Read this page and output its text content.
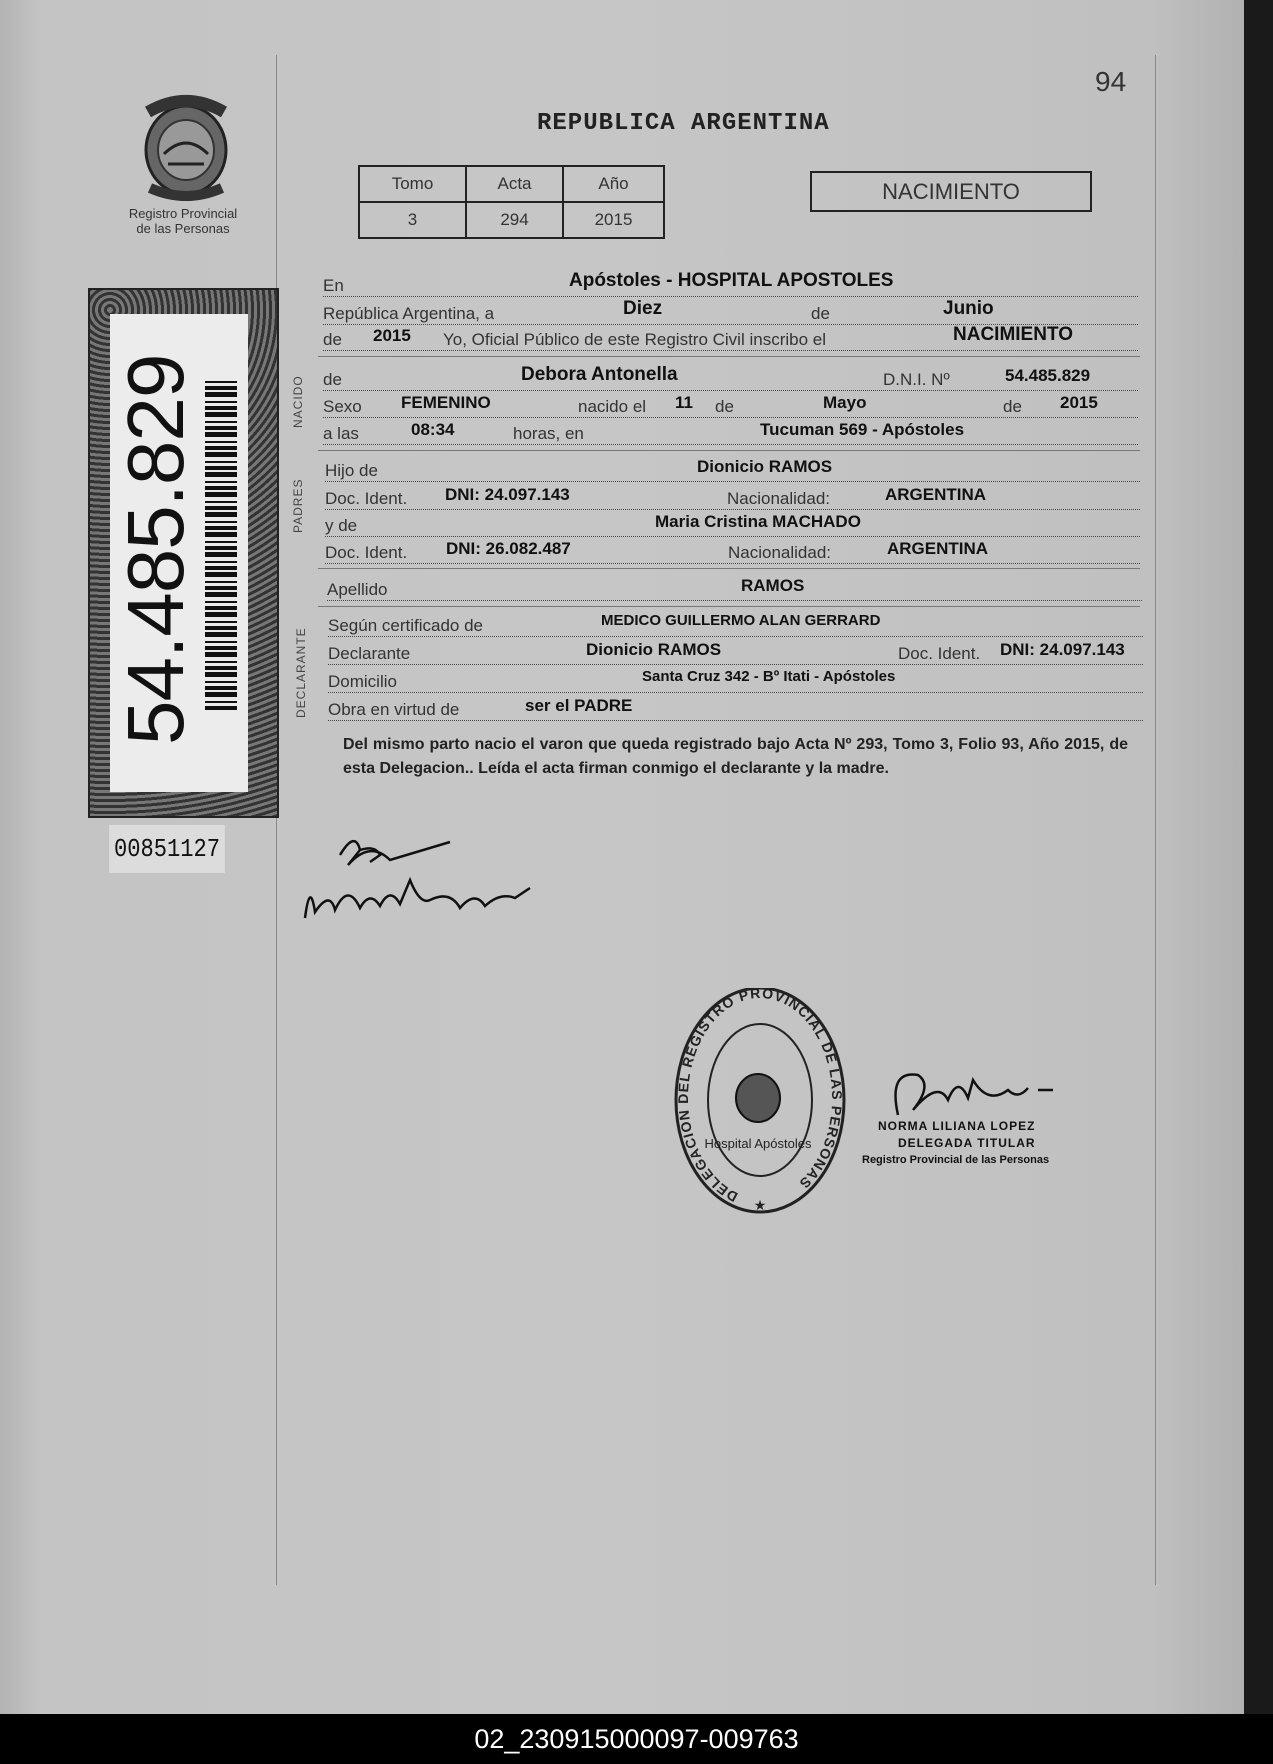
94
REPUBLICA ARGENTINA
Registro Provincial
de las Personas
Tomo	Acta	Año
3	294	2015
NACIMIENTO
54.485.829
00851127
NACIDO
PADRES
DECLARANTE
En	Apóstoles - HOSPITAL APOSTOLES
República Argentina, a	Diez	de	Junio
de 2015 Yo, Oficial Público de este Registro Civil inscribo el	NACIMIENTO
de	Debora Antonella	D.N.I. Nº	54.485.829
Sexo FEMENINO	nacido el 11 de	Mayo	de 2015
a las	08:34	horas, en	Tucuman 569 - Apóstoles
Hijo de	Dionicio RAMOS
Doc. Ident. DNI: 24.097.143	Nacionalidad:	ARGENTINA
y de	Maria Cristina MACHADO
Doc. Ident. DNI: 26.082.487	Nacionalidad:	ARGENTINA
Apellido	RAMOS
Según certificado de	MEDICO GUILLERMO ALAN GERRARD
Declarante	Dionicio RAMOS	Doc. Ident. DNI: 24.097.143
Domicilio	Santa Cruz 342 - Bº Itati - Apóstoles
Obra en virtud de	ser el PADRE
Del mismo parto nacio el varon que queda registrado bajo Acta Nº 293, Tomo 3, Folio 93, Año 2015, de esta Delegacion.. Leída el acta firman conmigo el declarante y la madre.
DELEGACION DEL REGISTRO PROVINCIAL DE LAS PERSONAS
Hospital Apóstoles
★
NORMA LILIANA LOPEZ
DELEGADA TITULAR
Registro Provincial de las Personas
02_230915000097-009763
